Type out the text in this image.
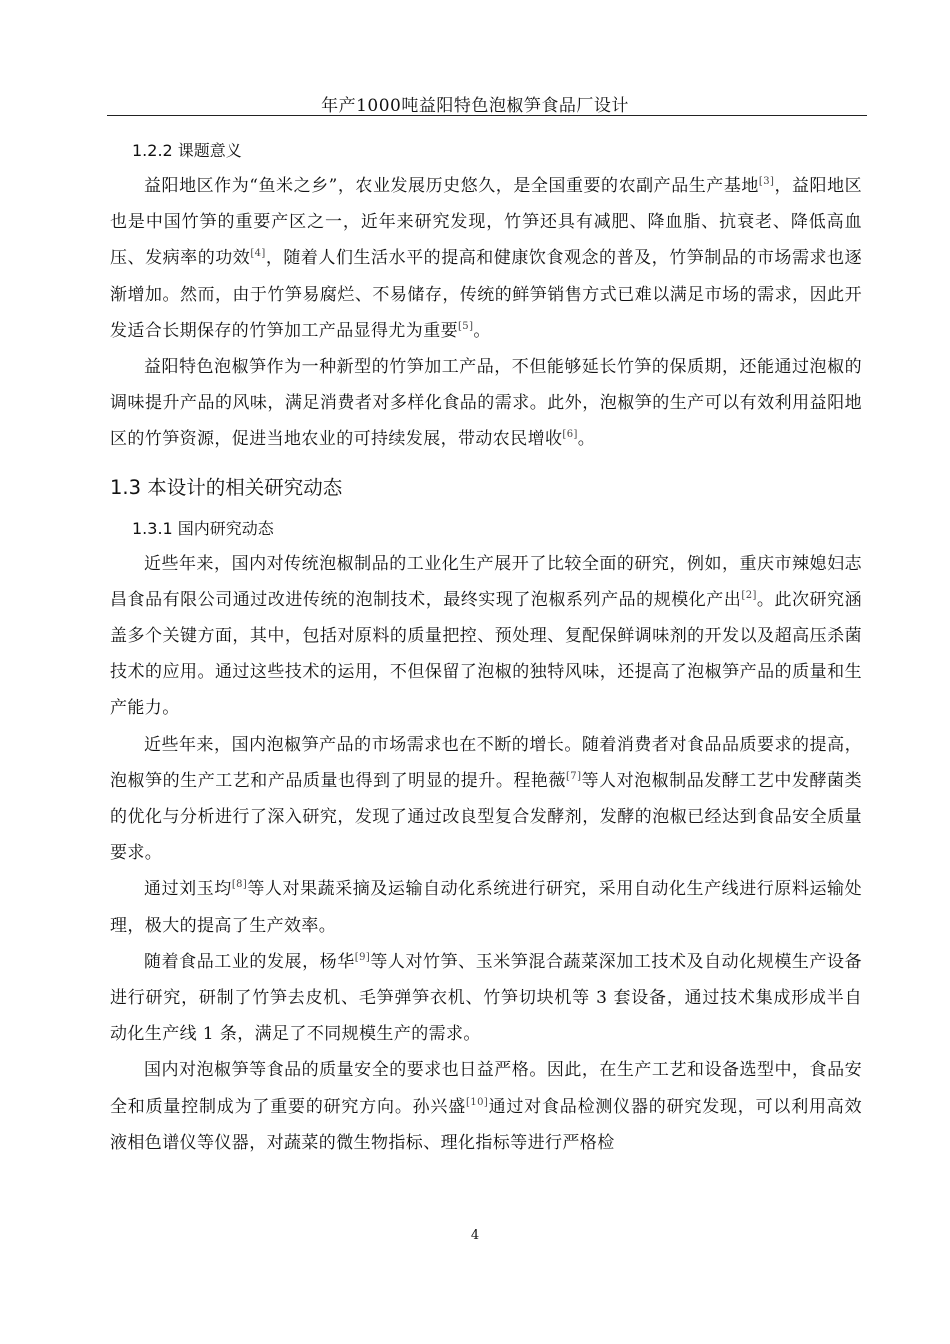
年产1000吨益阳特色泡椒笋食品厂设计
1.2.2 课题意义

益阳地区作为“鱼米之乡”，农业发展历史悠久，是全国重要的农副产品生产基地[3]，益阳地区也是中国竹笋的重要产区之一，近年来研究发现，竹笋还具有减肥、降血脂、抗衰老、降低高血压、发病率的功效[4]，随着人们生活水平的提高和健康饮食观念的普及，竹笋制品的市场需求也逐渐增加。然而，由于竹笋易腐烂、不易储存，传统的鲜笋销售方式已难以满足市场的需求，因此开发适合长期保存的竹笋加工产品显得尤为重要[5]。

益阳特色泡椒笋作为一种新型的竹笋加工产品，不但能够延长竹笋的保质期，还能通过泡椒的调味提升产品的风味，满足消费者对多样化食品的需求。此外，泡椒笋的生产可以有效利用益阳地区的竹笋资源，促进当地农业的可持续发展，带动农民增收[6]。

1.3 本设计的相关研究动态
1.3.1 国内研究动态

近些年来，国内对传统泡椒制品的工业化生产展开了比较全面的研究，例如，重庆市辣媳妇志昌食品有限公司通过改进传统的泡制技术，最终实现了泡椒系列产品的规模化产出[2]。此次研究涵盖多个关键方面，其中，包括对原料的质量把控、预处理、复配保鲜调味剂的开发以及超高压杀菌技术的应用。通过这些技术的运用，不但保留了泡椒的独特风味，还提高了泡椒笋产品的质量和生产能力。

近些年来，国内泡椒笋产品的市场需求也在不断的增长。随着消费者对食品品质要求的提高，泡椒笋的生产工艺和产品质量也得到了明显的提升。程艳薇[7]等人对泡椒制品发酵工艺中发酵菌类的优化与分析进行了深入研究，发现了通过改良型复合发酵剂，发酵的泡椒已经达到食品安全质量要求。

通过刘玉均[8]等人对果蔬采摘及运输自动化系统进行研究，采用自动化生产线进行原料运输处理，极大的提高了生产效率。

随着食品工业的发展，杨华[9]等人对竹笋、玉米笋混合蔬菜深加工技术及自动化规模生产设备进行研究，研制了竹笋去皮机、毛笋弹笋衣机、竹笋切块机等 3 套设备，通过技术集成形成半自动化生产线 1 条，满足了不同规模生产的需求。

国内对泡椒笋等食品的质量安全的要求也日益严格。因此，在生产工艺和设备选型中，食品安全和质量控制成为了重要的研究方向。孙兴盛[10]通过对食品检测仪器的研究发现，可以利用高效液相色谱仪等仪器，对蔬菜的微生物指标、理化指标等进行严格检

4
